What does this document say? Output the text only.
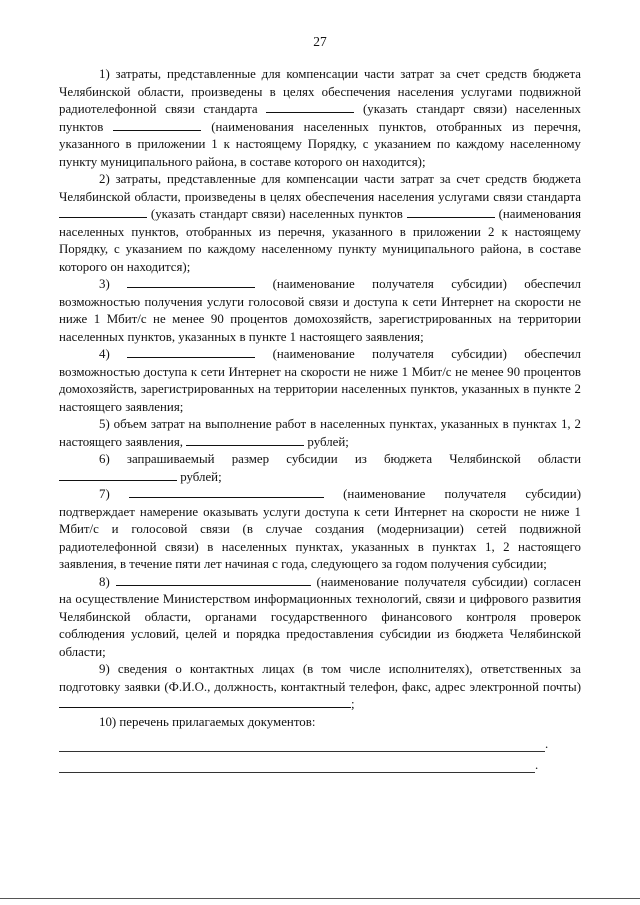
27

1) затраты, представленные для компенсации части затрат за счет средств бюджета Челябинской области, произведены в целях обеспечения населения услугами подвижной радиотелефонной связи стандарта	(указать стандарт связи) населенных пунктов	(наименования населенных пунктов, отобранных из перечня, указанного в приложении 1 к настоящему Порядку, с указанием по каждому населенному пункту муниципального района, в составе которого он находится);

2) затраты, представленные для компенсации части затрат за счет средств бюджета Челябинской области, произведены в целях обеспечения населения услугами связи стандарта  (указать стандарт связи) населенных пунктов	(наименования населенных пунктов, отобранных из перечня, указанного в приложении 2 к настоящему Порядку, с указанием по каждому населенному пункту муниципального района, в составе которого он находится);

3)	(наименование получателя субсидии) обеспечил возможностью получения услуги голосовой связи и доступа к сети Интернет на скорости не ниже 1 Мбит/с не менее 90 процентов домохозяйств, зарегистрированных на территории населенных пунктов, указанных в пункте 1 настоящего заявления;

4)	(наименование получателя субсидии) обеспечил возможностью доступа к сети Интернет на скорости не ниже 1 Мбит/с не менее 90 процентов домохозяйств, зарегистрированных на территории населенных пунктов, указанных в пункте 2 настоящего заявления;

5) объем затрат на выполнение работ в населенных пунктах, указанных в пунктах 1, 2 настоящего заявления,	рублей;

6) запрашиваемый размер субсидии из бюджета Челябинской области  рублей;

7)	(наименование получателя субсидии) подтверждает намерение оказывать услуги доступа к сети Интернет на скорости не ниже 1 Мбит/с и голосовой связи (в случае создания (модернизации) сетей подвижной радиотелефонной связи) в населенных пунктах, указанных в пунктах 1, 2 настоящего заявления, в течение пяти лет начиная с года, следующего за годом получения субсидии;

8)	(наименование получателя субсидии) согласен на осуществление Министерством информационных технологий, связи и цифрового развития Челябинской области, органами государственного финансового контроля проверок соблюдения условий, целей и порядка предоставления субсидии из бюджета Челябинской области;

9) сведения о контактных лицах (в том числе исполнителях), ответственных за подготовку заявки (Ф.И.О., должность, контактный телефон, факс, адрес электронной почты) ;

10) перечень прилагаемых документов:

.
.
